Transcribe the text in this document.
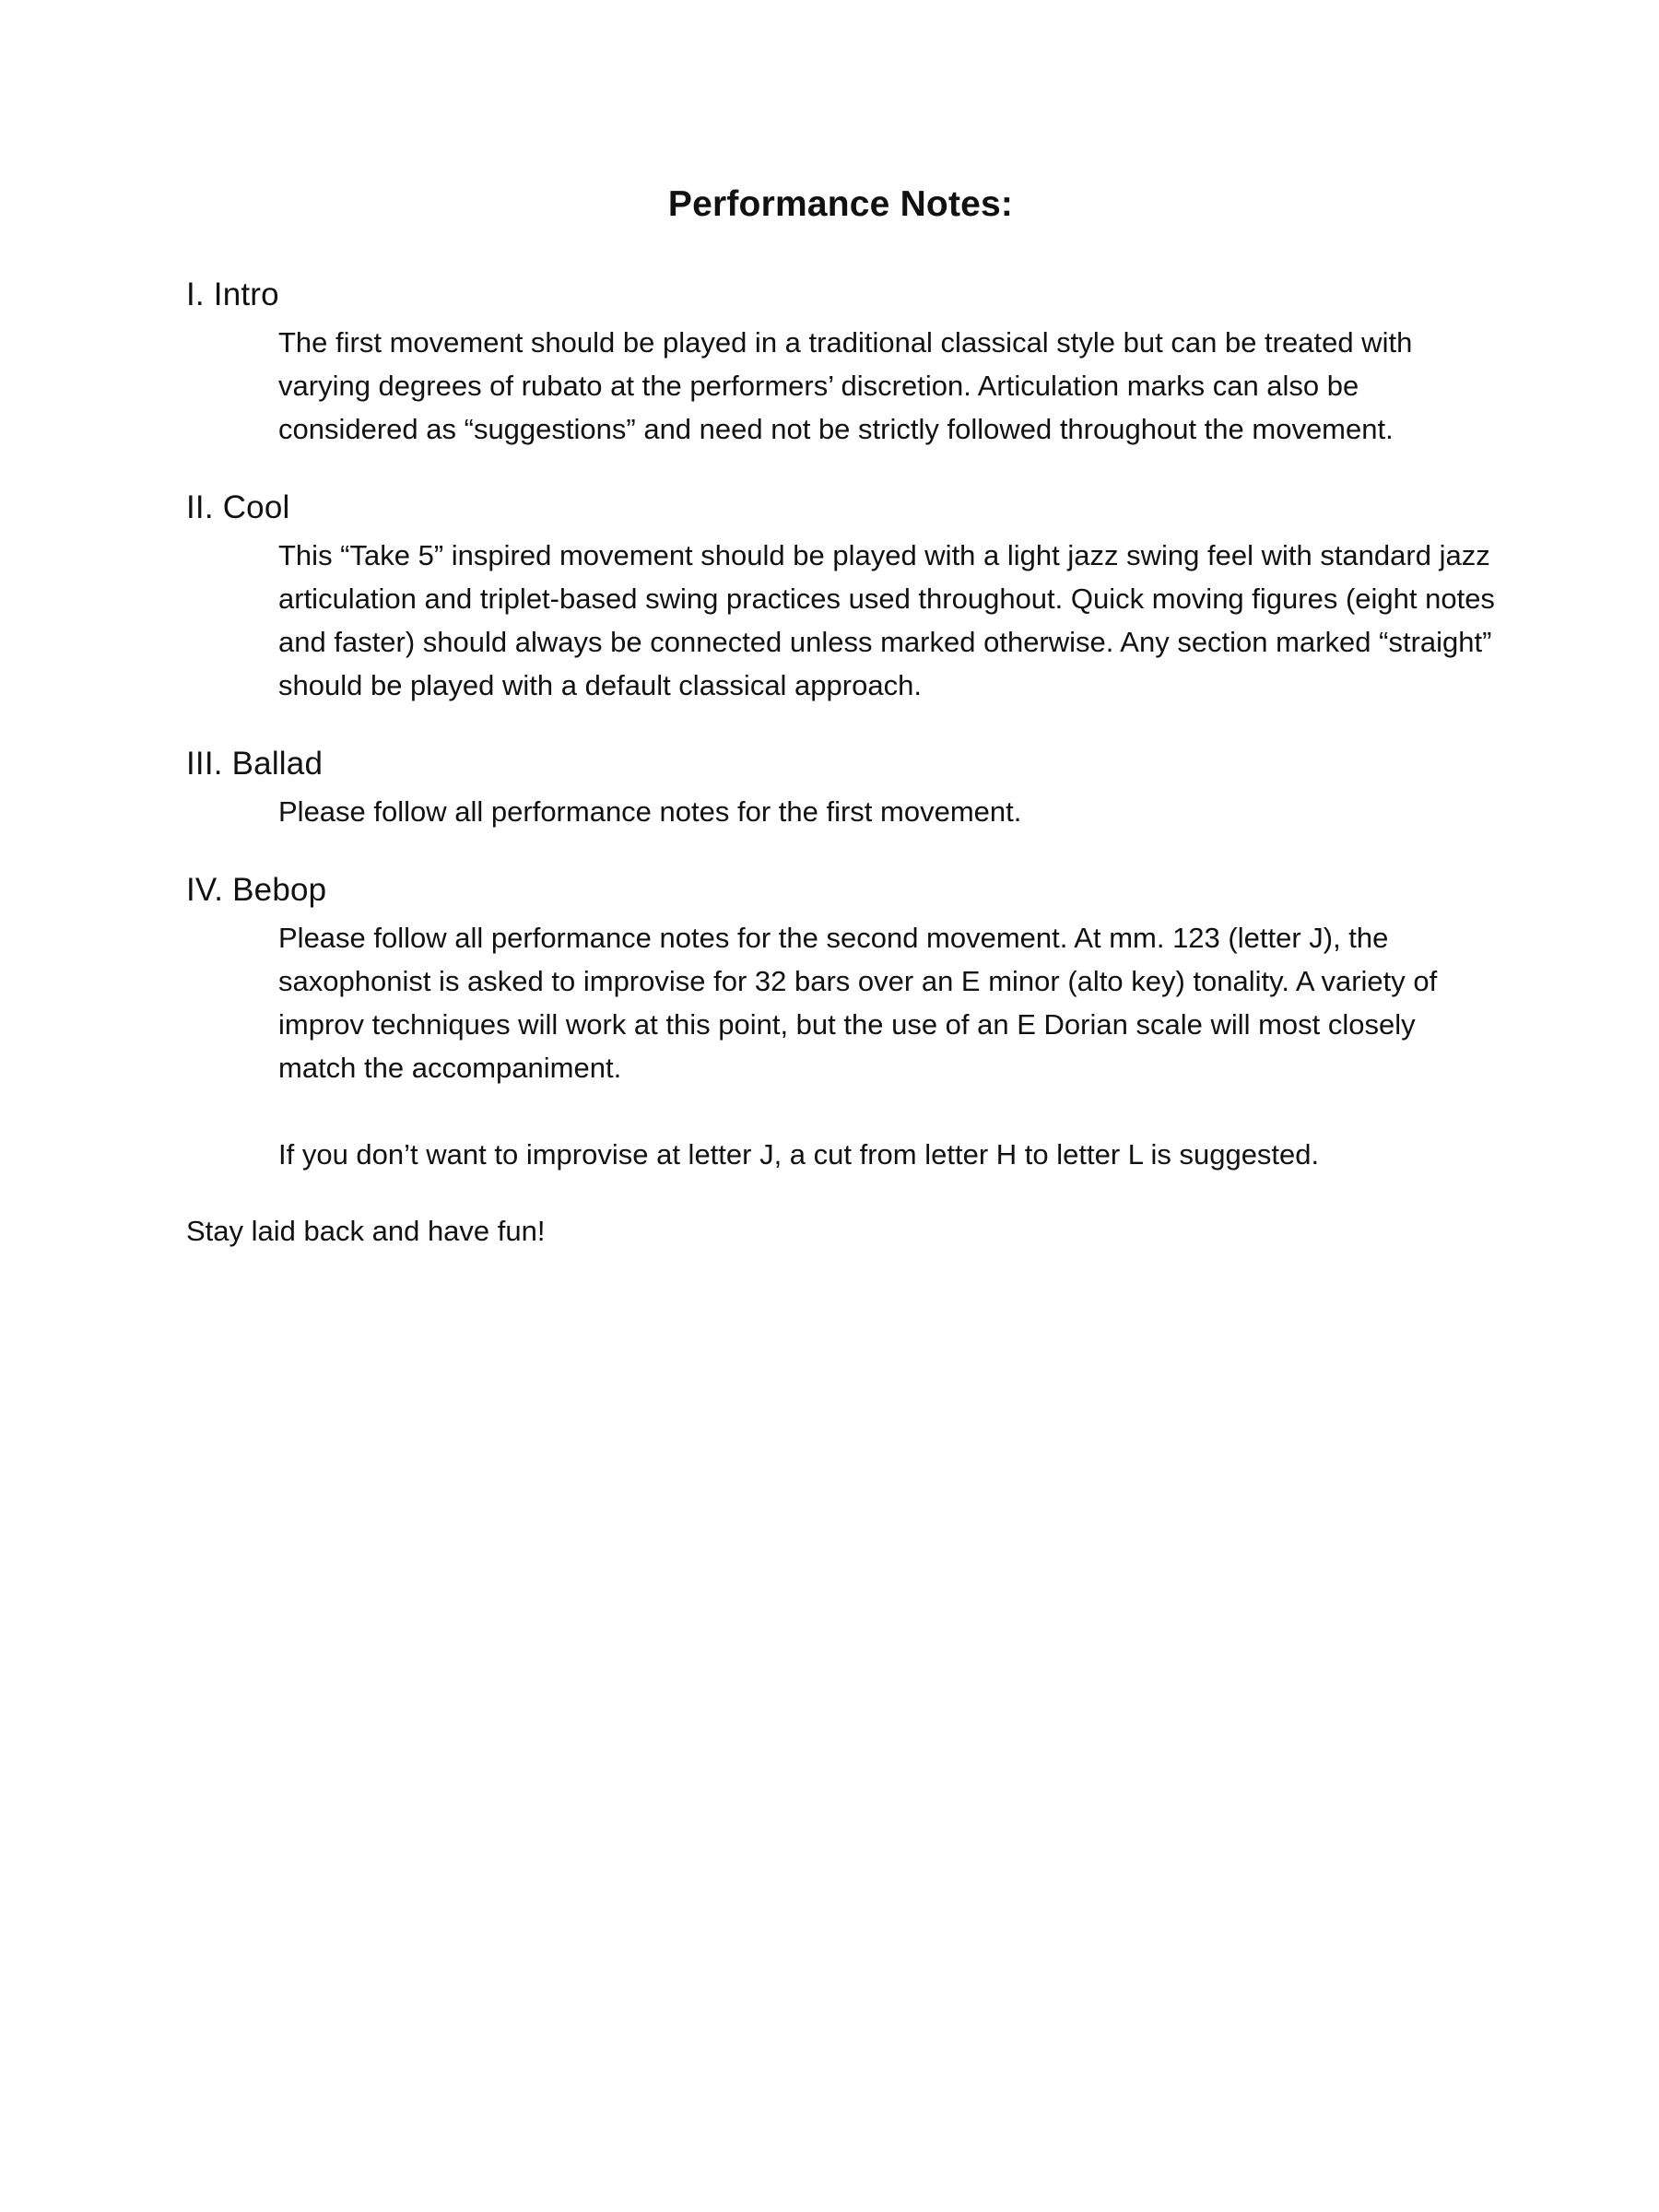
Performance Notes:
I. Intro

The first movement should be played in a traditional classical style but can be treated with varying degrees of rubato at the performers’ discretion. Articulation marks can also be considered as “suggestions” and need not be strictly followed throughout the movement.

II. Cool

This “Take 5” inspired movement should be played with a light jazz swing feel with standard jazz articulation and triplet-based swing practices used throughout. Quick moving figures (eight notes and faster) should always be connected unless marked otherwise. Any section marked “straight” should be played with a default classical approach.

III. Ballad

Please follow all performance notes for the first movement.

IV. Bebop

Please follow all performance notes for the second movement. At mm. 123 (letter J), the saxophonist is asked to improvise for 32 bars over an E minor (alto key) tonality. A variety of improv techniques will work at this point, but the use of an E Dorian scale will most closely match the accompaniment.

If you don’t want to improvise at letter J, a cut from letter H to letter L is suggested.

Stay laid back and have fun!
